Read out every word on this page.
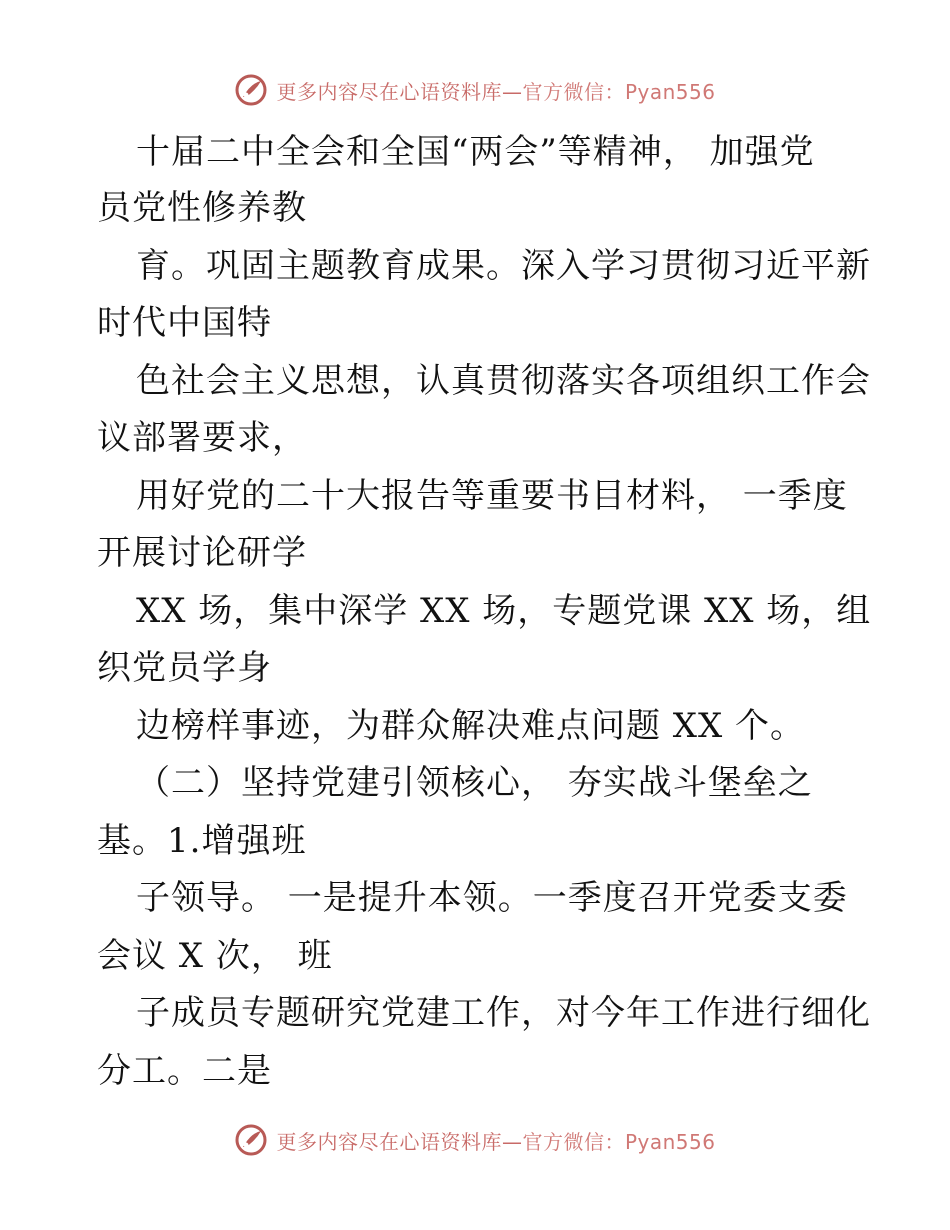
更多内容尽在心语资料库—官方微信：Pyan556
十届二中全会和全国“两会”等精神， 加强党
员党性修养教
育。巩固主题教育成果。深入学习贯彻习近平新
时代中国特
色社会主义思想，认真贯彻落实各项组织工作会
议部署要求，
用好党的二十大报告等重要书目材料， 一季度
开展讨论研学
XX 场，集中深学 XX 场，专题党课 XX 场，组
织党员学身
边榜样事迹，为群众解决难点问题 XX 个。
（二）坚持党建引领核心， 夯实战斗堡垒之
基。1.增强班
子领导。 一是提升本领。一季度召开党委支委
会议 X 次， 班
子成员专题研究党建工作，对今年工作进行细化
分工。二是
更多内容尽在心语资料库—官方微信：Pyan556
